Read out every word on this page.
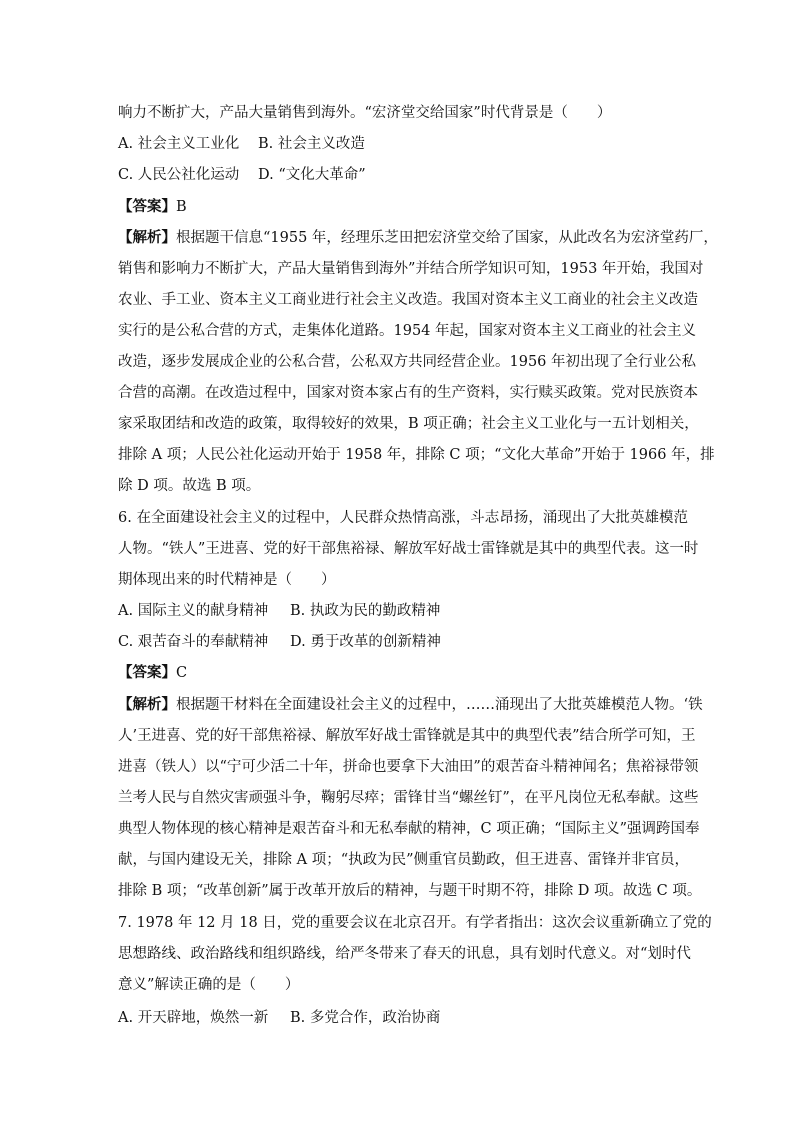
响力不断扩大，产品大量销售到海外。“宏济堂交给国家”时代背景是（　　）
A. 社会主义工业化 B. 社会主义改造
C. 人民公社化运动 D. “文化大革命”
【答案】B
【解析】根据题干信息“1955 年，经理乐芝田把宏济堂交给了国家，从此改名为宏济堂药厂，
销售和影响力不断扩大，产品大量销售到海外”并结合所学知识可知，1953 年开始，我国对
农业、手工业、资本主义工商业进行社会主义改造。我国对资本主义工商业的社会主义改造
实行的是公私合营的方式，走集体化道路。1954 年起，国家对资本主义工商业的社会主义
改造，逐步发展成企业的公私合营，公私双方共同经营企业。1956 年初出现了全行业公私
合营的高潮。在改造过程中，国家对资本家占有的生产资料，实行赎买政策。党对民族资本
家采取团结和改造的政策，取得较好的效果，B 项正确；社会主义工业化与一五计划相关，
排除 A 项；人民公社化运动开始于 1958 年，排除 C 项；“文化大革命”开始于 1966 年，排
除 D 项。故选 B 项。
6. 在全面建设社会主义的过程中，人民群众热情高涨，斗志昂扬，涌现出了大批英雄模范
人物。“铁人”王进喜、党的好干部焦裕禄、解放军好战士雷锋就是其中的典型代表。这一时
期体现出来的时代精神是（　　）
A. 国际主义的献身精神 B. 执政为民的勤政精神
C. 艰苦奋斗的奉献精神 D. 勇于改革的创新精神
【答案】C
【解析】根据题干材料在全面建设社会主义的过程中，……涌现出了大批英雄模范人物。‘铁
人’王进喜、党的好干部焦裕禄、解放军好战士雷锋就是其中的典型代表”结合所学可知，王
进喜（铁人）以“宁可少活二十年，拼命也要拿下大油田”的艰苦奋斗精神闻名；焦裕禄带领
兰考人民与自然灾害顽强斗争，鞠躬尽瘁；雷锋甘当“螺丝钉”，在平凡岗位无私奉献。这些
典型人物体现的核心精神是艰苦奋斗和无私奉献的精神，C 项正确；“国际主义”强调跨国奉
献，与国内建设无关，排除 A 项；“执政为民”侧重官员勤政，但王进喜、雷锋并非官员，
排除 B 项；“改革创新”属于改革开放后的精神，与题干时期不符，排除 D 项。故选 C 项。
7. 1978 年 12 月 18 日，党的重要会议在北京召开。有学者指出：这次会议重新确立了党的
思想路线、政治路线和组织路线，给严冬带来了春天的讯息，具有划时代意义。对“划时代
意义”解读正确的是（　　）
A. 开天辟地，焕然一新 B. 多党合作，政治协商
